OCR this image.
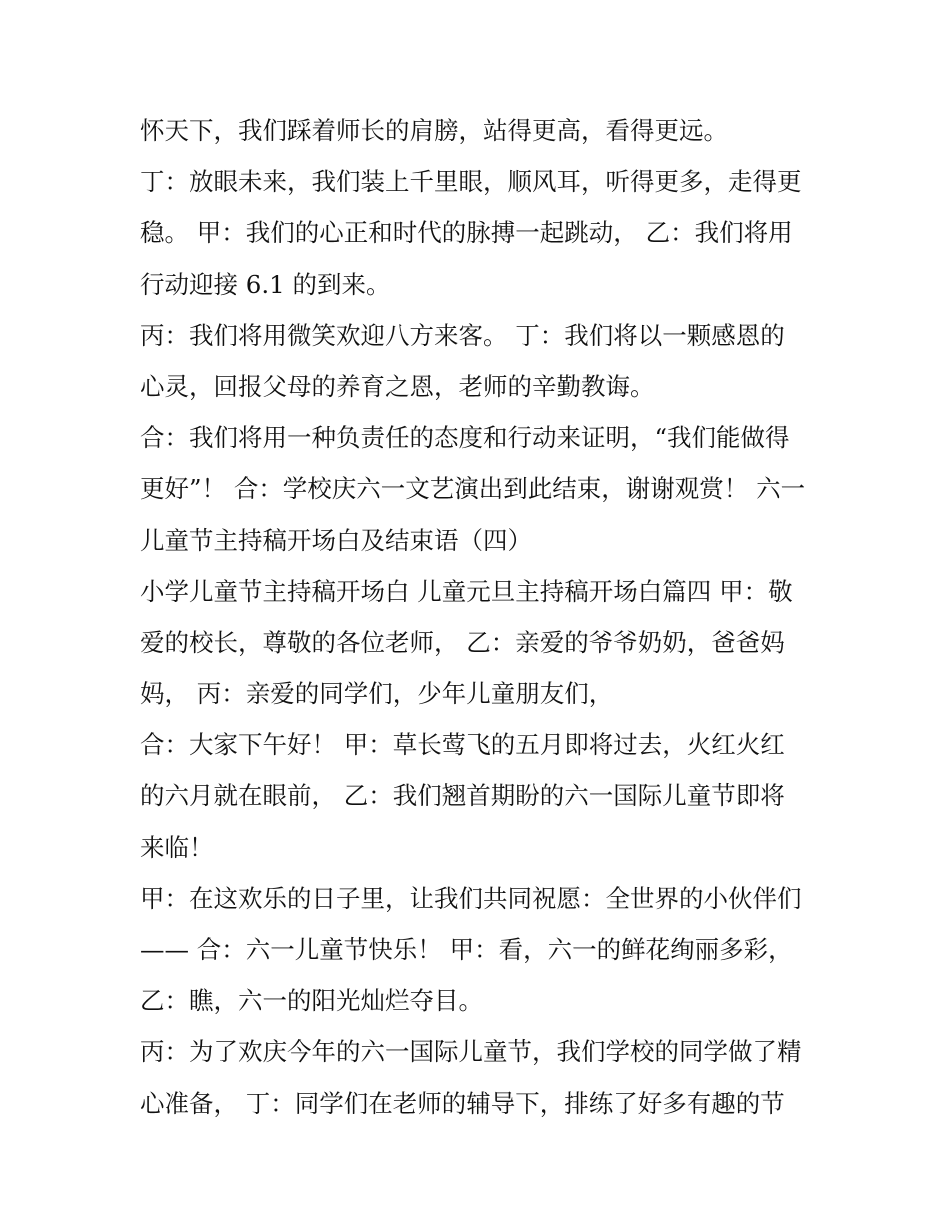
怀天下，我们踩着师长的肩膀，站得更高，看得更远。

丁：放眼未来，我们装上千里眼，顺风耳，听得更多，走得更

稳。 甲：我们的心正和时代的脉搏一起跳动， 乙：我们将用

行动迎接 6.1 的到来。

丙：我们将用微笑欢迎八方来客。 丁：我们将以一颗感恩的

心灵，回报父母的养育之恩，老师的辛勤教诲。

合：我们将用一种负责任的态度和行动来证明，“我们能做得

更好”！ 合：学校庆六一文艺演出到此结束，谢谢观赏！ 六一

儿童节主持稿开场白及结束语（四）

小学儿童节主持稿开场白 儿童元旦主持稿开场白篇四 甲：敬

爱的校长，尊敬的各位老师， 乙：亲爱的爷爷奶奶，爸爸妈

妈， 丙：亲爱的同学们，少年儿童朋友们，

合：大家下午好！ 甲：草长莺飞的五月即将过去，火红火红

的六月就在眼前， 乙：我们翘首期盼的六一国际儿童节即将

来临！

甲：在这欢乐的日子里，让我们共同祝愿：全世界的小伙伴们

—— 合：六一儿童节快乐！ 甲：看，六一的鲜花绚丽多彩，

乙：瞧，六一的阳光灿烂夺目。

丙：为了欢庆今年的六一国际儿童节，我们学校的同学做了精

心准备， 丁：同学们在老师的辅导下，排练了好多有趣的节
